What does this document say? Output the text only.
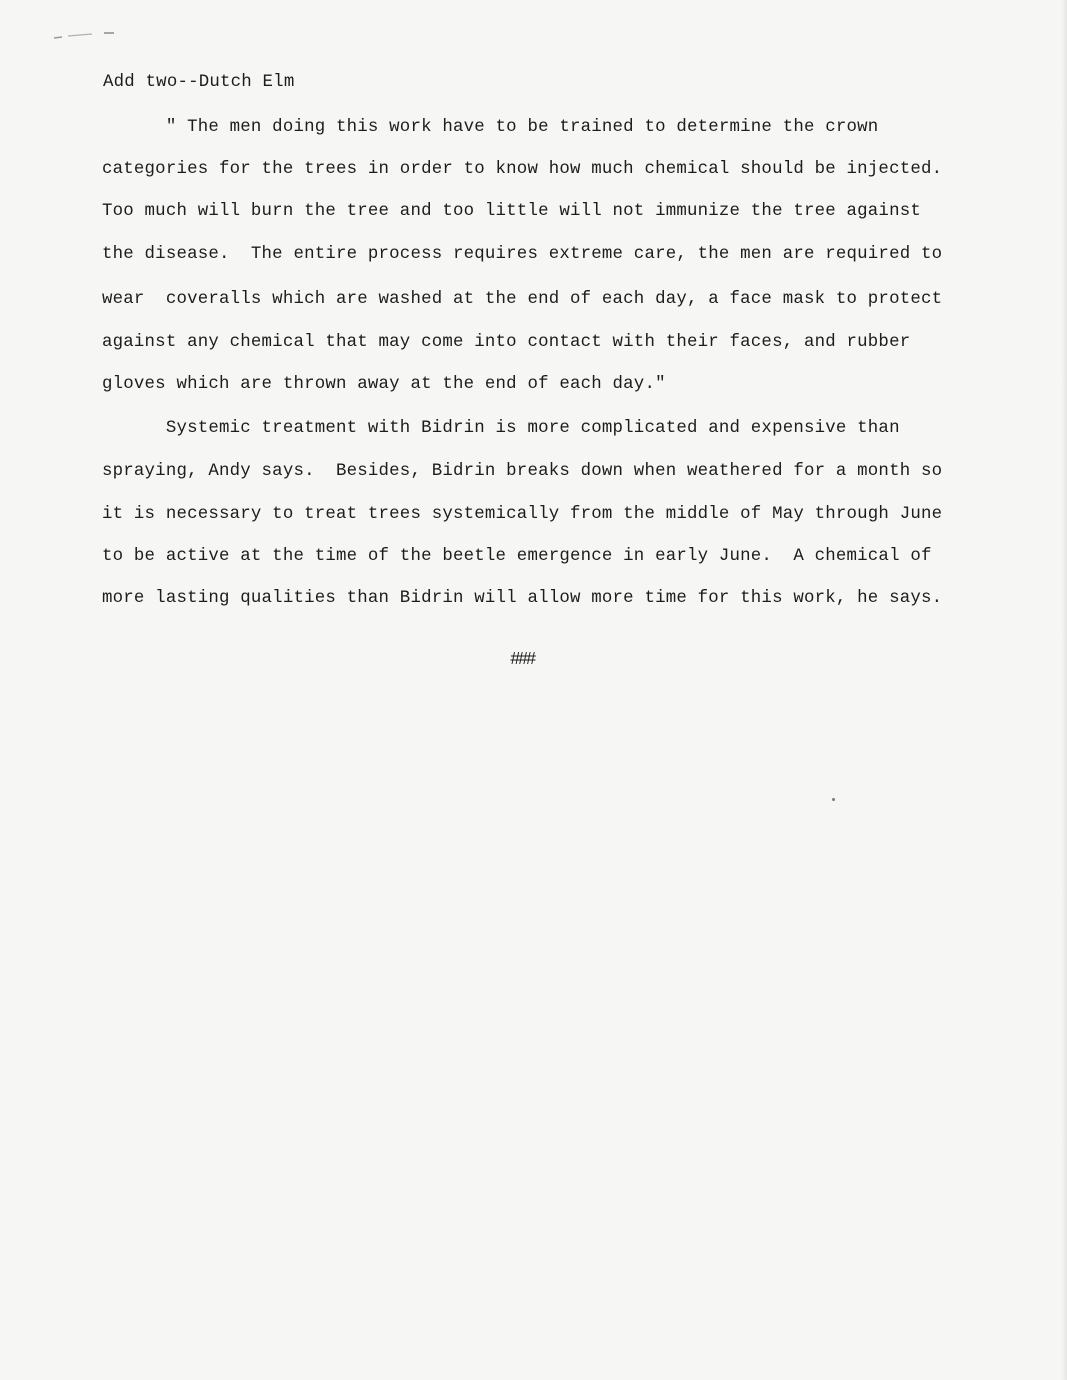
Add two--Dutch Elm

" The men doing this work have to be trained to determine the crown

categories for the trees in order to know how much chemical should be injected.

Too much will burn the tree and too little will not immunize the tree against

the disease.  The entire process requires extreme care, the men are required to

wear  coveralls which are washed at the end of each day, a face mask to protect

against any chemical that may come into contact with their faces, and rubber

gloves which are thrown away at the end of each day."

Systemic treatment with Bidrin is more complicated and expensive than

spraying, Andy says.  Besides, Bidrin breaks down when weathered for a month so

it is necessary to treat trees systemically from the middle of May through June

to be active at the time of the beetle emergence in early June.  A chemical of

more lasting qualities than Bidrin will allow more time for this work, he says.

###
